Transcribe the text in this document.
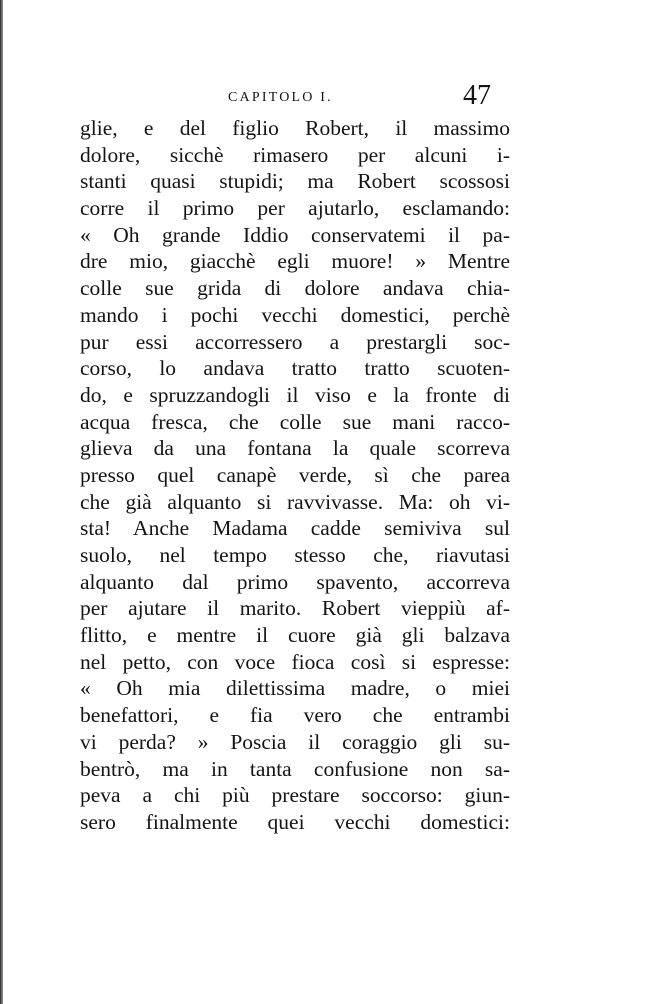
CAPITOLO I.	47
glie, e del figlio Robert, il massimo
dolore, sicchè rimasero per alcuni i-
stanti quasi stupidi; ma Robert scossosi
corre il primo per ajutarlo, esclamando:
« Oh grande Iddio conservatemi il pa-
dre mio, giacchè egli muore! » Mentre
colle sue grida di dolore andava chia-
mando i pochi vecchi domestici, perchè
pur essi accorressero a prestargli soc-
corso, lo andava tratto tratto scuoten-
do, e spruzzandogli il viso e la fronte di
acqua fresca, che colle sue mani racco-
glieva da una fontana la quale scorreva
presso quel canapè verde, sì che parea
che già alquanto si ravvivasse. Ma: oh vi-
sta! Anche Madama cadde semiviva sul
suolo, nel tempo stesso che, riavutasi
alquanto dal primo spavento, accorreva
per ajutare il marito. Robert vieppiù af-
flitto, e mentre il cuore già gli balzava
nel petto, con voce fioca così si espresse:
« Oh mia dilettissima madre, o miei
benefattori, e fia vero che entrambi
vi perda? » Poscia il coraggio gli su-
bentrò, ma in tanta confusione non sa-
peva a chi più prestare soccorso: giun-
sero finalmente quei vecchi domestici:
